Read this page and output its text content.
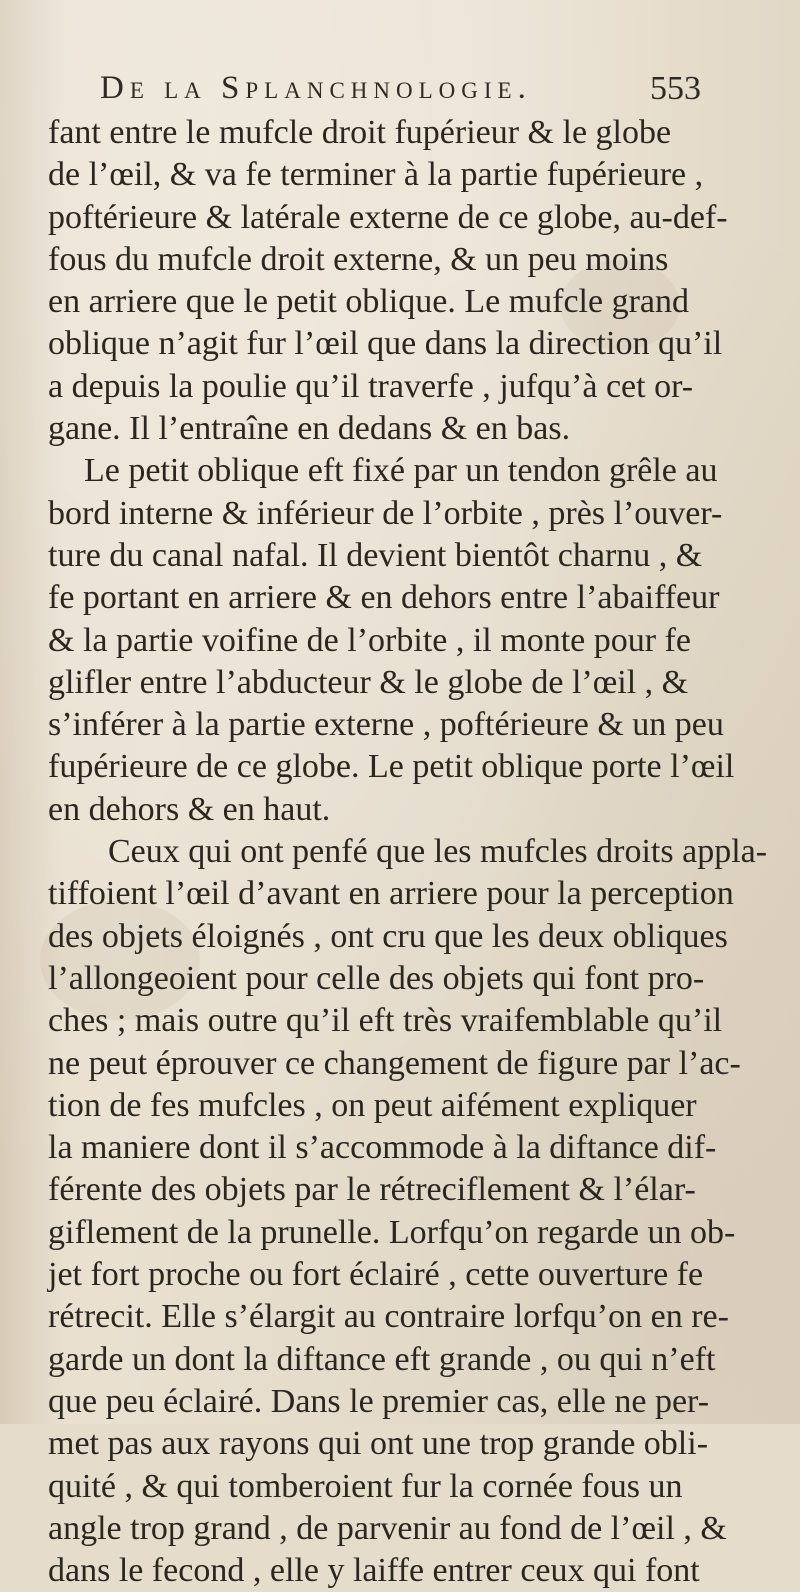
De la Splanchnologie.	553
fant entre le mufcle droit fupérieur & le globe
de l’œil, & va fe terminer à la partie fupérieure ,
poftérieure & latérale externe de ce globe, au-def-
fous du mufcle droit externe, & un peu moins
en arriere que le petit oblique. Le mufcle grand
oblique n’agit fur l’œil que dans la direction qu’il
a depuis la poulie qu’il traverfe , jufqu’à cet or-
gane. Il l’entraîne en dedans & en bas.
Le petit oblique eft fixé par un tendon grêle au
bord interne & inférieur de l’orbite , près l’ouver-
ture du canal nafal. Il devient bientôt charnu , &
fe portant en arriere & en dehors entre l’abaiffeur
& la partie voifine de l’orbite , il monte pour fe
glifler entre l’abducteur & le globe de l’œil , &
s’inférer à la partie externe , poftérieure & un peu
fupérieure de ce globe. Le petit oblique porte l’œil
en dehors & en haut.
Ceux qui ont penfé que les mufcles droits appla-
tiffoient l’œil d’avant en arriere pour la perception
des objets éloignés , ont cru que les deux obliques
l’allongeoient pour celle des objets qui font pro-
ches ; mais outre qu’il eft très vraifemblable qu’il
ne peut éprouver ce changement de figure par l’ac-
tion de fes mufcles , on peut aifément expliquer
la maniere dont il s’accommode à la diftance dif-
férente des objets par le rétreciflement & l’élar-
giflement de la prunelle. Lorfqu’on regarde un ob-
jet fort proche ou fort éclairé , cette ouverture fe
rétrecit. Elle s’élargit au contraire lorfqu’on en re-
garde un dont la diftance eft grande , ou qui n’eft
que peu éclairé. Dans le premier cas, elle ne per-
met pas aux rayons qui ont une trop grande obli-
quité , & qui tomberoient fur la cornée fous un
angle trop grand , de parvenir au fond de l’œil , &
dans le fecond , elle y laiffe entrer ceux qui font
